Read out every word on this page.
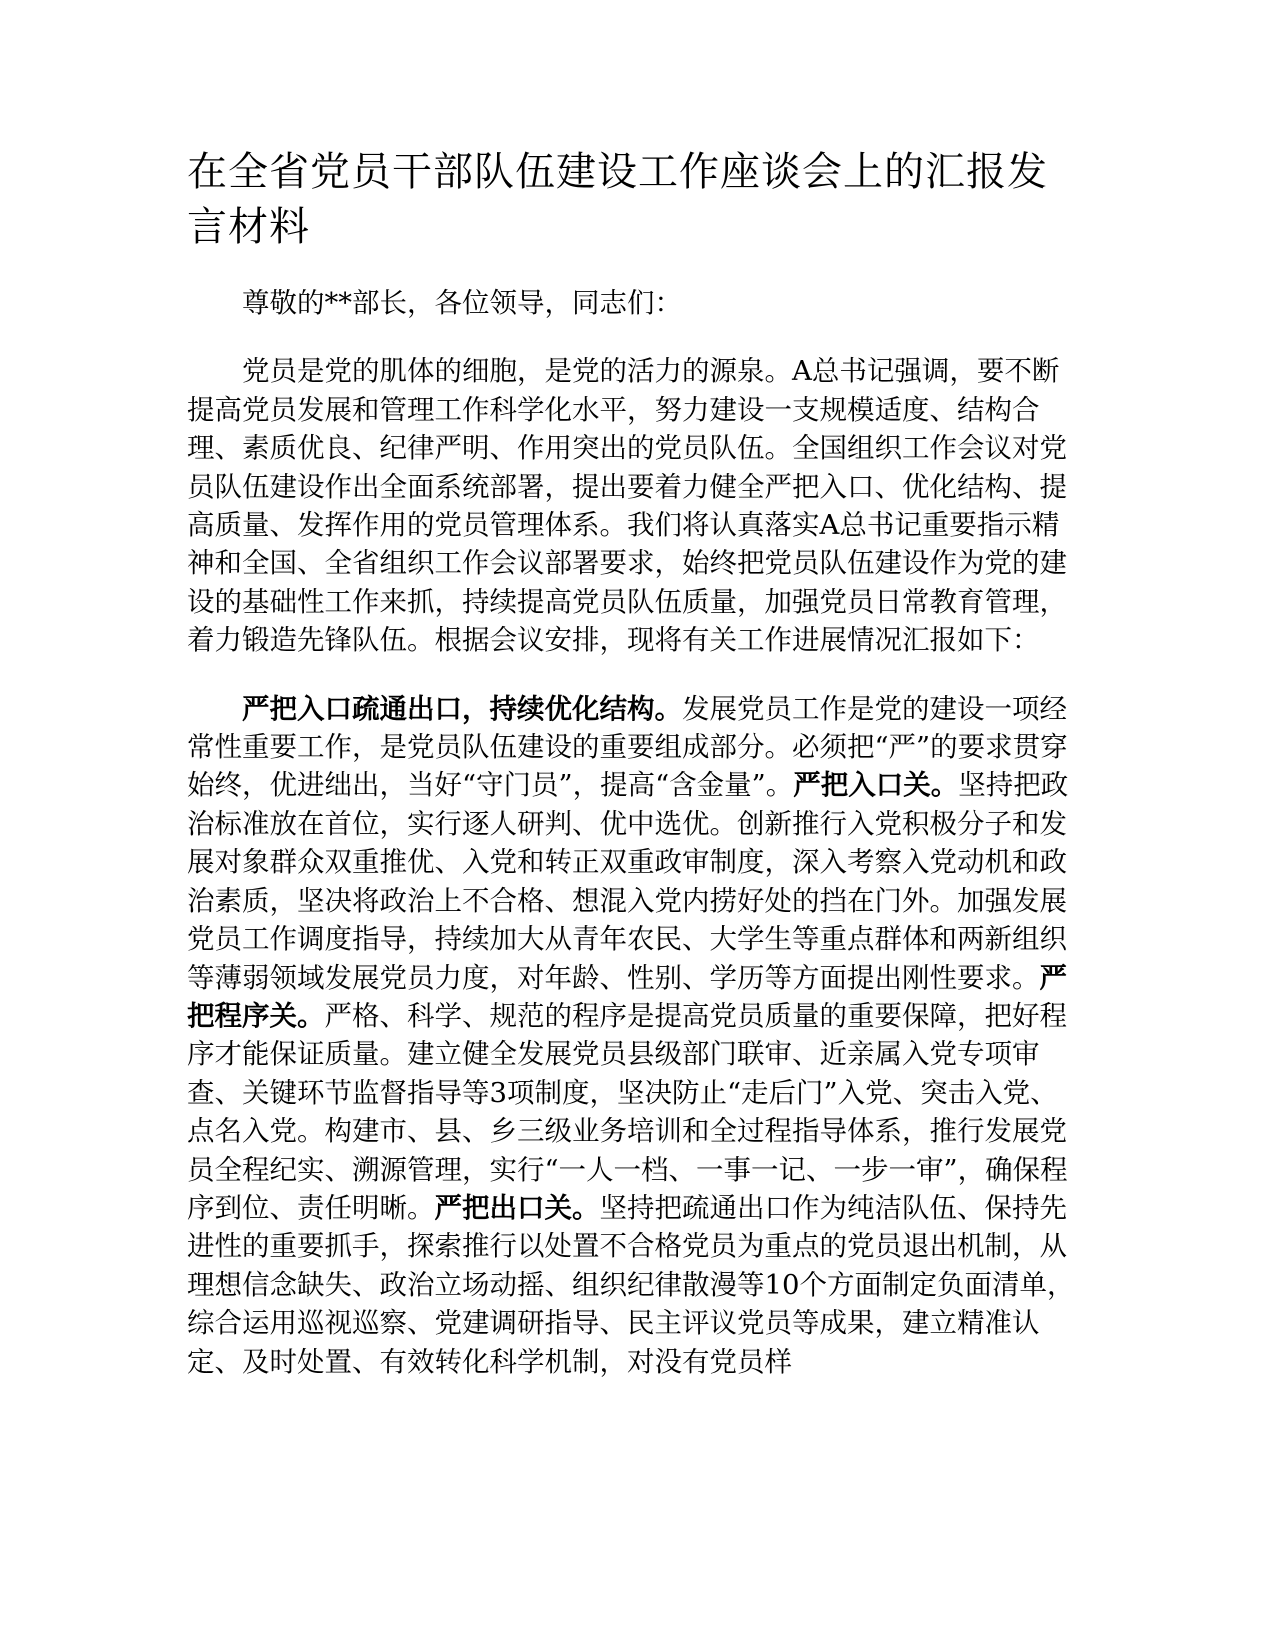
在全省党员干部队伍建设工作座谈会上的汇报发言材料

尊敬的**部长，各位领导，同志们：

党员是党的肌体的细胞，是党的活力的源泉。A总书记强调，要不断提高党员发展和管理工作科学化水平，努力建设一支规模适度、结构合理、素质优良、纪律严明、作用突出的党员队伍。全国组织工作会议对党员队伍建设作出全面系统部署，提出要着力健全严把入口、优化结构、提高质量、发挥作用的党员管理体系。我们将认真落实A总书记重要指示精神和全国、全省组织工作会议部署要求，始终把党员队伍建设作为党的建设的基础性工作来抓，持续提高党员队伍质量，加强党员日常教育管理，着力锻造先锋队伍。根据会议安排，现将有关工作进展情况汇报如下：

严把入口疏通出口，持续优化结构。发展党员工作是党的建设一项经常性重要工作，是党员队伍建设的重要组成部分。必须把“严”的要求贯穿始终，优进绌出，当好“守门员”，提高“含金量”。严把入口关。坚持把政治标准放在首位，实行逐人研判、优中选优。创新推行入党积极分子和发展对象群众双重推优、入党和转正双重政审制度，深入考察入党动机和政治素质，坚决将政治上不合格、想混入党内捞好处的挡在门外。加强发展党员工作调度指导，持续加大从青年农民、大学生等重点群体和两新组织等薄弱领域发展党员力度，对年龄、性别、学历等方面提出刚性要求。严把程序关。严格、科学、规范的程序是提高党员质量的重要保障，把好程序才能保证质量。建立健全发展党员县级部门联审、近亲属入党专项审查、关键环节监督指导等3项制度，坚决防止“走后门”入党、突击入党、点名入党。构建市、县、乡三级业务培训和全过程指导体系，推行发展党员全程纪实、溯源管理，实行“一人一档、一事一记、一步一审”，确保程序到位、责任明晰。严把出口关。坚持把疏通出口作为纯洁队伍、保持先进性的重要抓手，探索推行以处置不合格党员为重点的党员退出机制，从理想信念缺失、政治立场动摇、组织纪律散漫等10个方面制定负面清单，综合运用巡视巡察、党建调研指导、民主评议党员等成果，建立精准认定、及时处置、有效转化科学机制，对没有党员样
